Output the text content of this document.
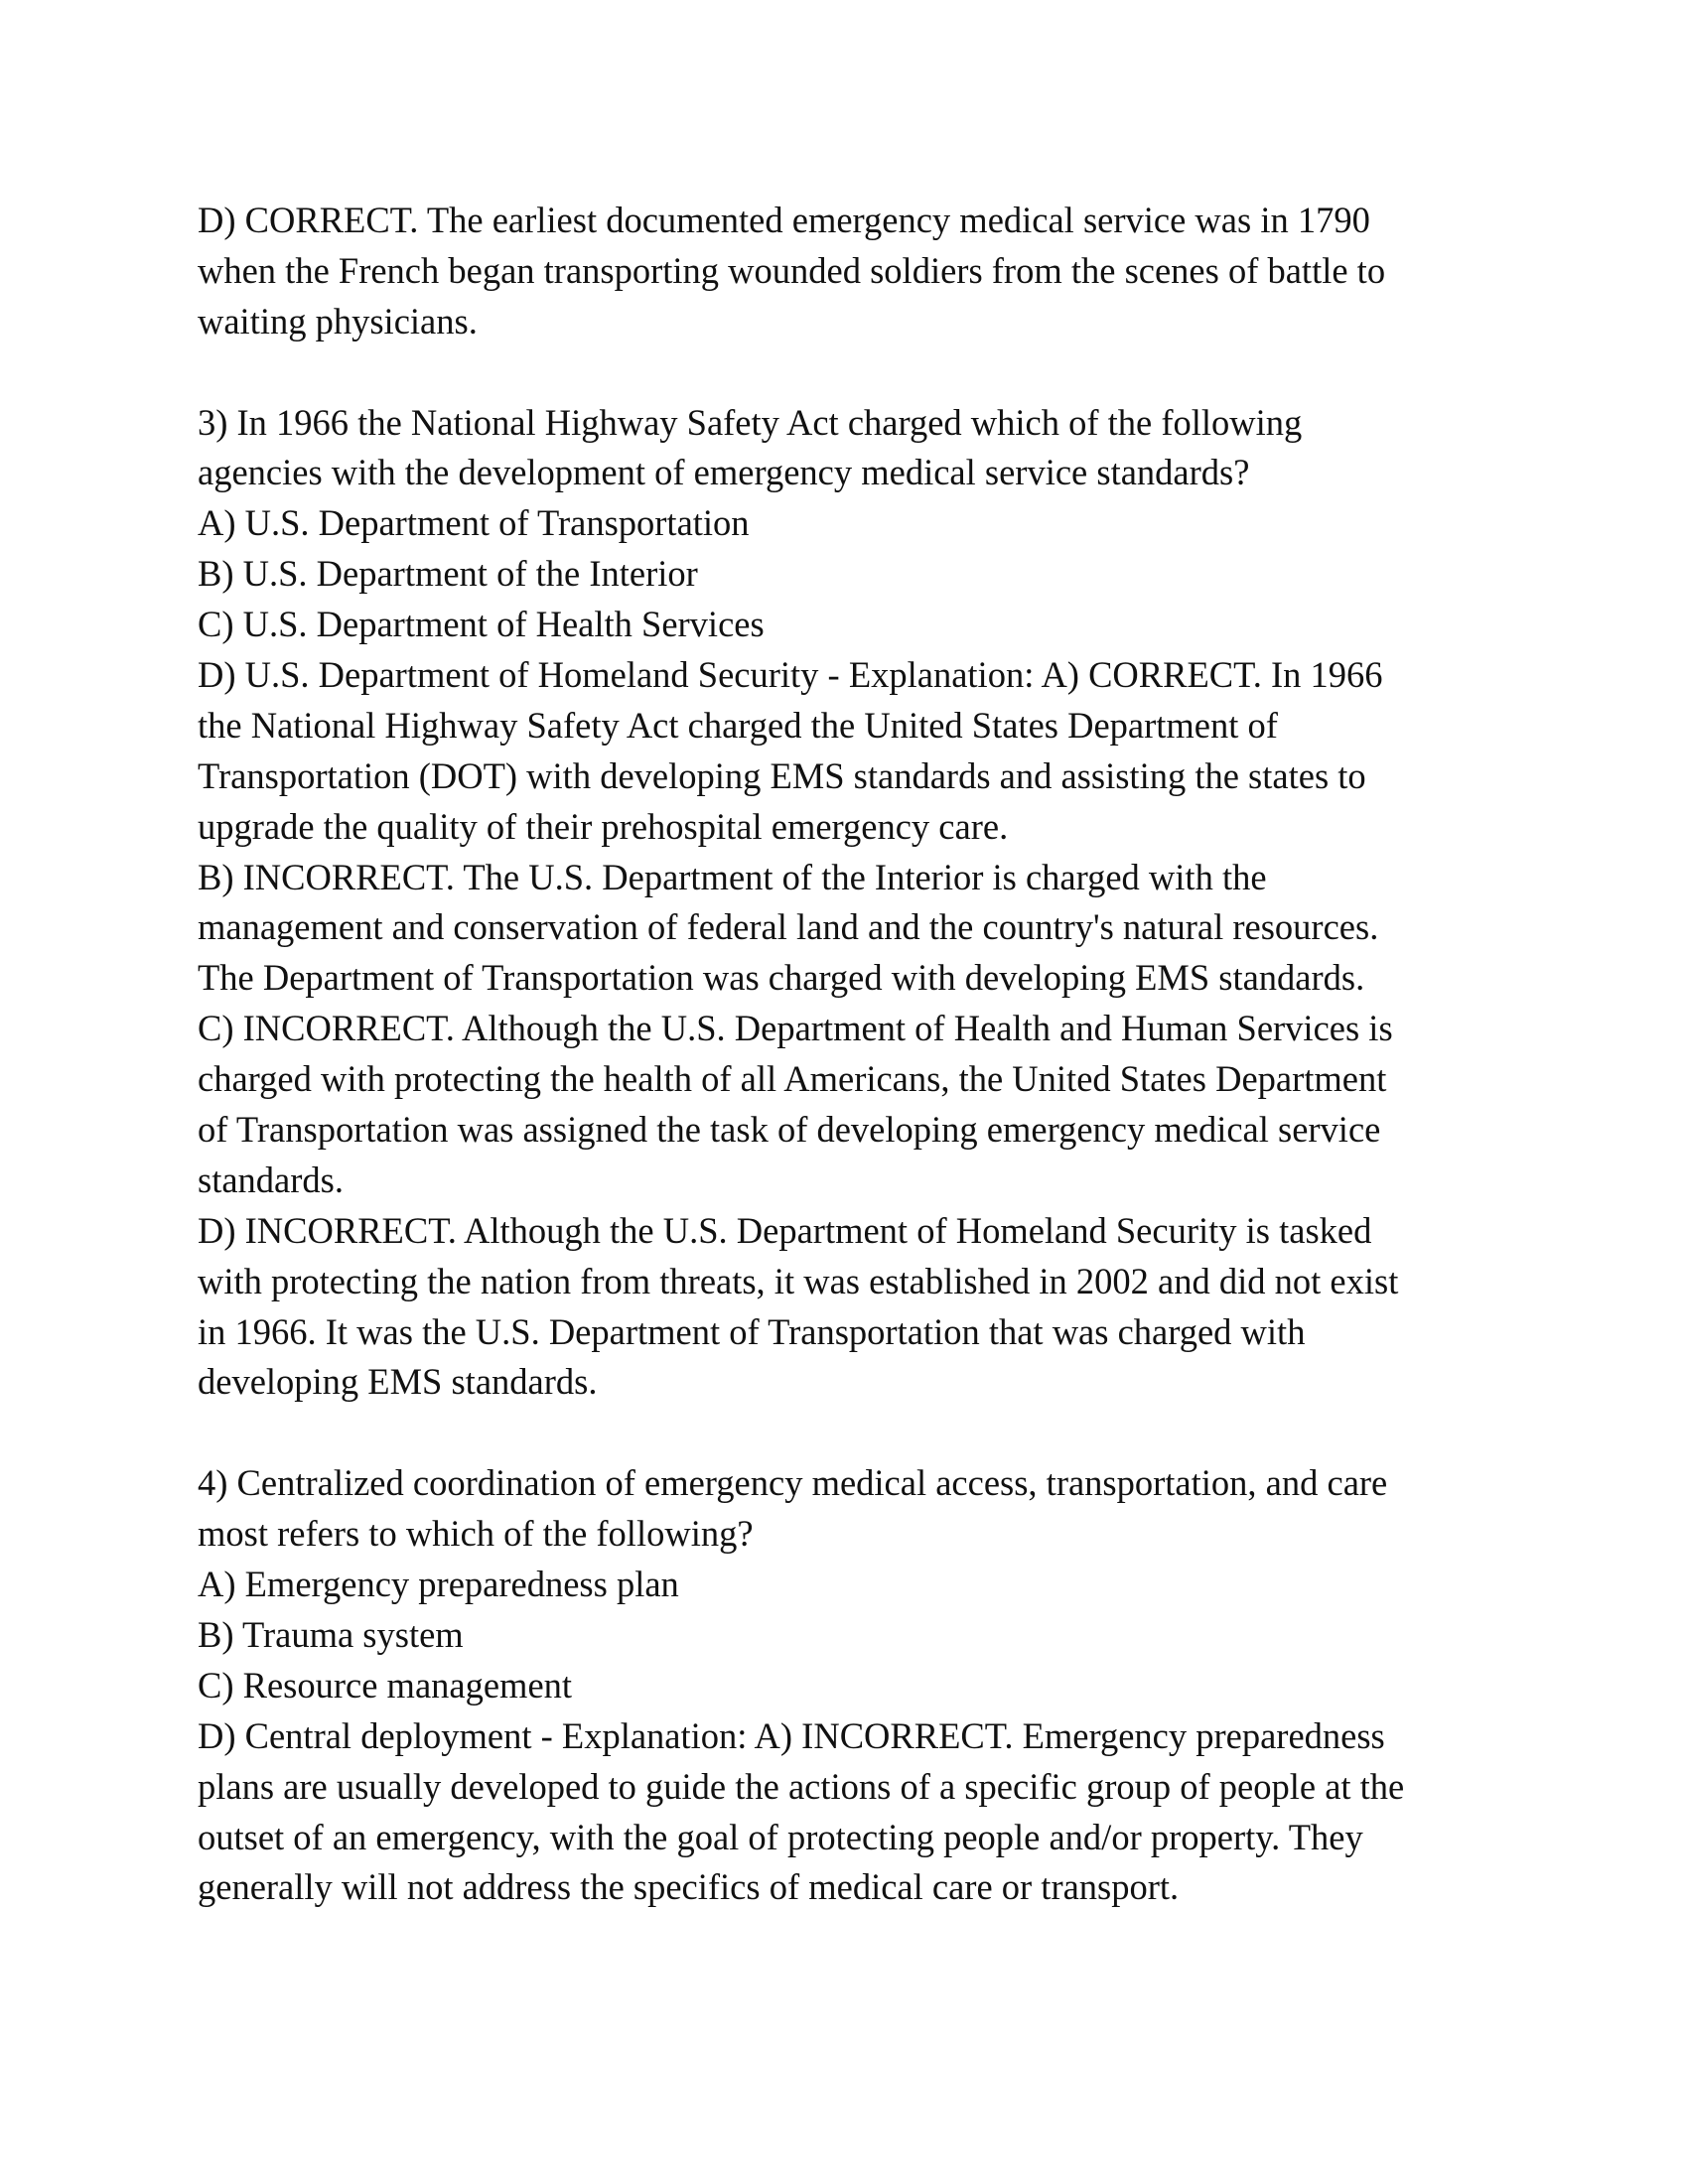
D) CORRECT. The earliest documented emergency medical service was in 1790
when the French began transporting wounded soldiers from the scenes of battle to
waiting physicians.
3) In 1966 the National Highway Safety Act charged which of the following
agencies with the development of emergency medical service standards?
A) U.S. Department of Transportation
B) U.S. Department of the Interior
C) U.S. Department of Health Services
D) U.S. Department of Homeland Security - Explanation: A) CORRECT. In 1966
the National Highway Safety Act charged the United States Department of
Transportation (DOT) with developing EMS standards and assisting the states to
upgrade the quality of their prehospital emergency care.
B) INCORRECT. The U.S. Department of the Interior is charged with the
management and conservation of federal land and the country's natural resources.
The Department of Transportation was charged with developing EMS standards.
C) INCORRECT. Although the U.S. Department of Health and Human Services is
charged with protecting the health of all Americans, the United States Department
of Transportation was assigned the task of developing emergency medical service
standards.
D) INCORRECT. Although the U.S. Department of Homeland Security is tasked
with protecting the nation from threats, it was established in 2002 and did not exist
in 1966. It was the U.S. Department of Transportation that was charged with
developing EMS standards.
4) Centralized coordination of emergency medical access, transportation, and care
most refers to which of the following?
A) Emergency preparedness plan
B) Trauma system
C) Resource management
D) Central deployment - Explanation: A) INCORRECT. Emergency preparedness
plans are usually developed to guide the actions of a specific group of people at the
outset of an emergency, with the goal of protecting people and/or property. They
generally will not address the specifics of medical care or transport.
